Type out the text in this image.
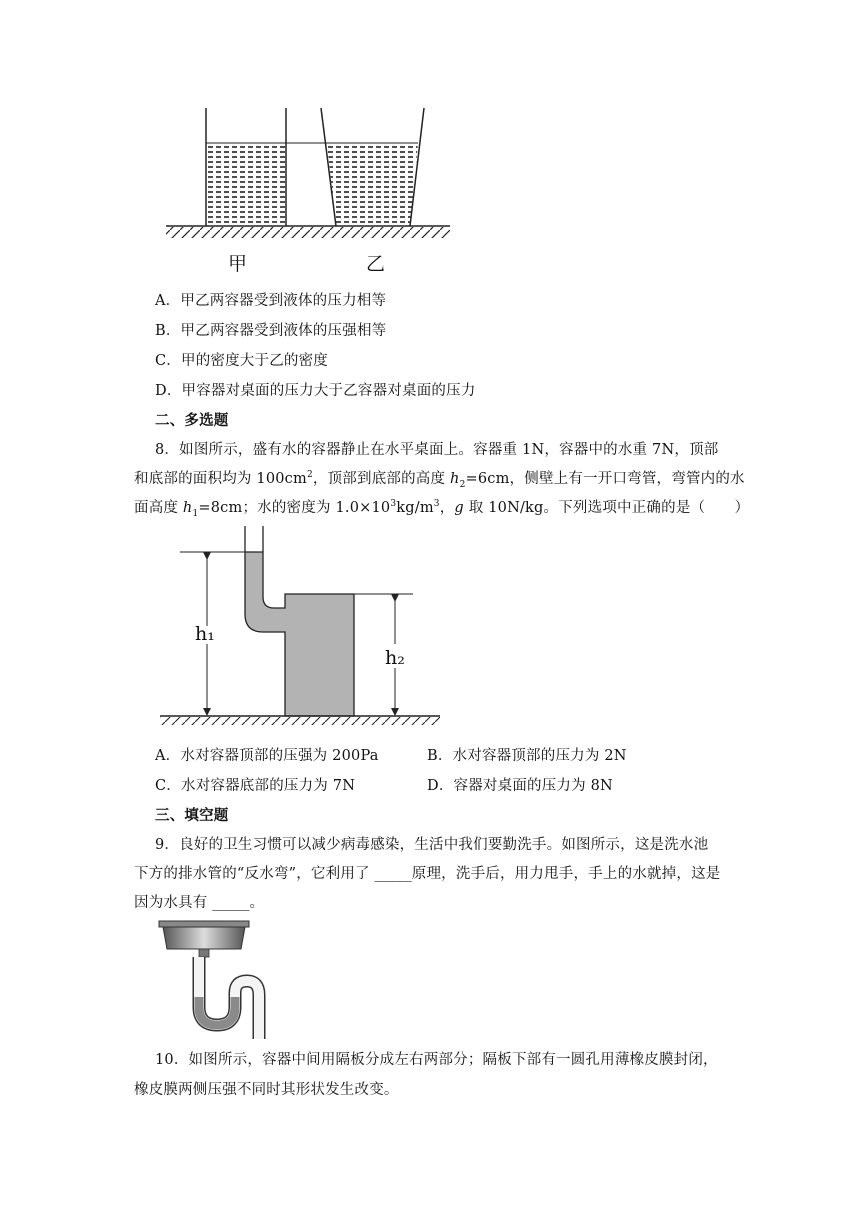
甲	乙
A．甲乙两容器受到液体的压力相等
B．甲乙两容器受到液体的压强相等
C．甲的密度大于乙的密度
D．甲容器对桌面的压力大于乙容器对桌面的压力
二、多选题
8．如图所示，盛有水的容器静止在水平桌面上。容器重 1N，容器中的水重 7N，顶部
和底部的面积均为 $100cm^2$，顶部到底部的高度 $h_2=6cm$，侧壁上有一开口弯管，弯管内的水
面高度 $h_1=8cm$；水的密度为 $1.0\times 10^3kg/m^3$，g 取 10N/kg。下列选项中正确的是（　　）
h₁
h₂
A．水对容器顶部的压强为 200Pa	B．水对容器顶部的压力为 2N
C．水对容器底部的压力为 7N	D．容器对桌面的压力为 8N
三、填空题
9．良好的卫生习惯可以减少病毒感染，生活中我们要勤洗手。如图所示，这是洗水池
下方的排水管的“反水弯”，它利用了 _____原理，洗手后，用力甩手，手上的水就掉，这是
因为水具有 _____。
10．如图所示，容器中间用隔板分成左右两部分；隔板下部有一圆孔用薄橡皮膜封闭，
橡皮膜两侧压强不同时其形状发生改变。
